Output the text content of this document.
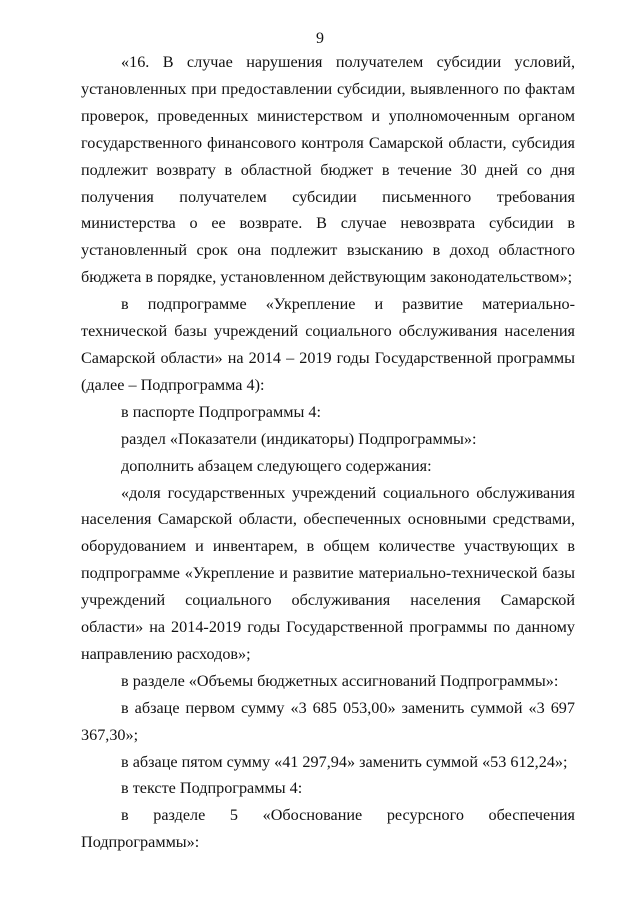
9

«16. В случае нарушения получателем субсидии условий, установленных при предоставлении субсидии, выявленного по фактам проверок, проведенных министерством и уполномоченным органом государственного финансового контроля Самарской области, субсидия подлежит возврату в областной бюджет в течение 30 дней со дня получения получателем субсидии письменного требования министерства о ее возврате. В случае невозврата субсидии в установленный срок она подлежит взысканию в доход областного бюджета в порядке, установленном действующим законодательством»;

в подпрограмме «Укрепление и развитие материально-технической базы учреждений социального обслуживания населения Самарской области» на 2014 – 2019 годы Государственной программы (далее – Подпрограмма 4):

в паспорте Подпрограммы 4:

раздел «Показатели (индикаторы) Подпрограммы»:

дополнить абзацем следующего содержания:

«доля государственных учреждений социального обслуживания населения Самарской области, обеспеченных основными средствами, оборудованием и инвентарем, в общем количестве участвующих в подпрограмме «Укрепление и развитие материально-технической базы учреждений социального обслуживания населения Самарской области» на 2014-2019 годы Государственной программы по данному направлению расходов»;

в разделе «Объемы бюджетных ассигнований Подпрограммы»:

в абзаце первом сумму «3 685 053,00» заменить суммой «3 697 367,30»;

в абзаце пятом сумму «41 297,94» заменить суммой «53 612,24»;

в тексте Подпрограммы 4:

в разделе 5 «Обоснование ресурсного обеспечения Подпрограммы»:
